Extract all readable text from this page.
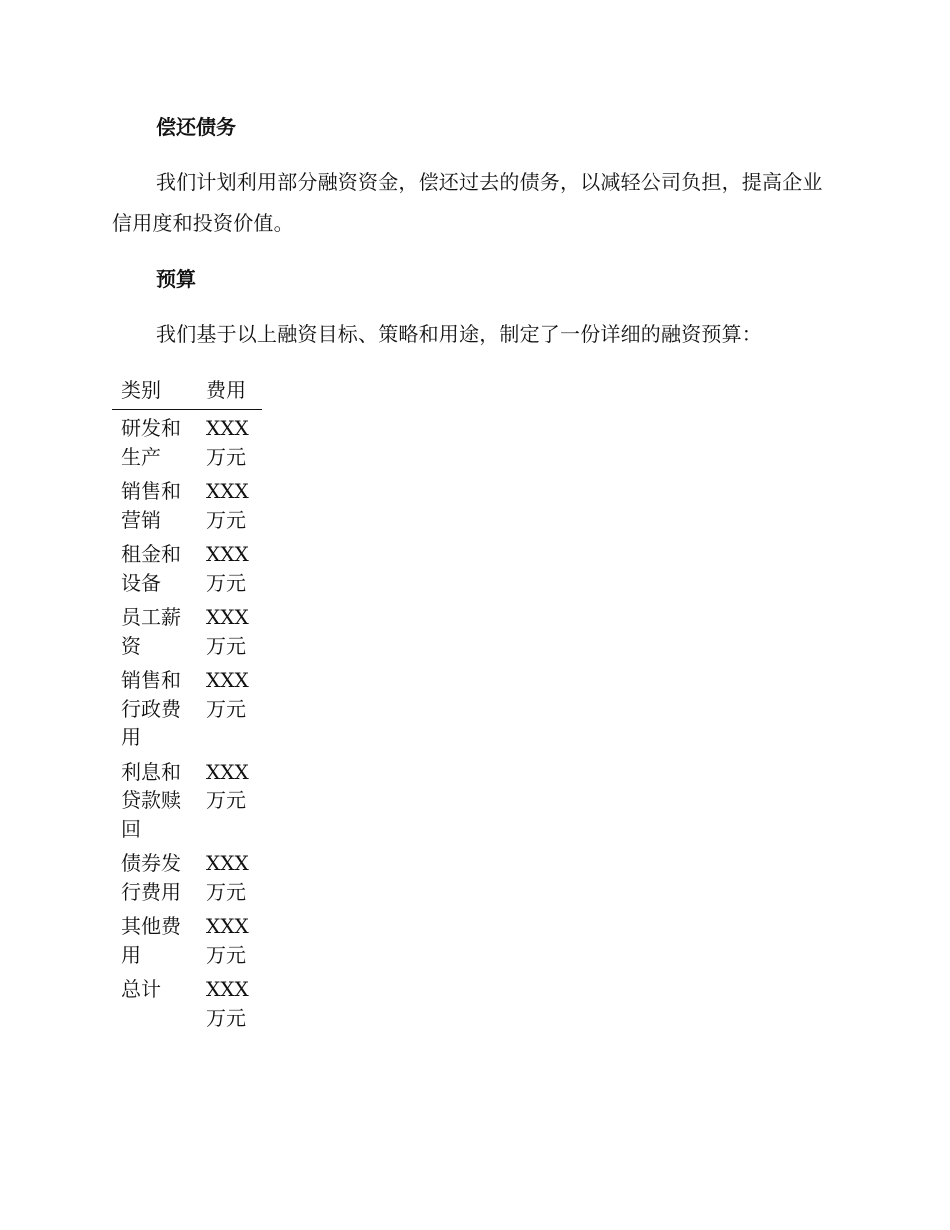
偿还债务

我们计划利用部分融资资金，偿还过去的债务，以减轻公司负担，提高企业信用度和投资价值。

预算

我们基于以上融资目标、策略和用途，制定了一份详细的融资预算：

类别	费用
研发和生产	XXX 万元
销售和营销	XXX 万元
租金和设备	XXX 万元
员工薪资	XXX 万元
销售和行政费用	XXX 万元
利息和贷款赎回	XXX 万元
债券发行费用	XXX 万元
其他费用	XXX 万元
总计	XXX 万元
